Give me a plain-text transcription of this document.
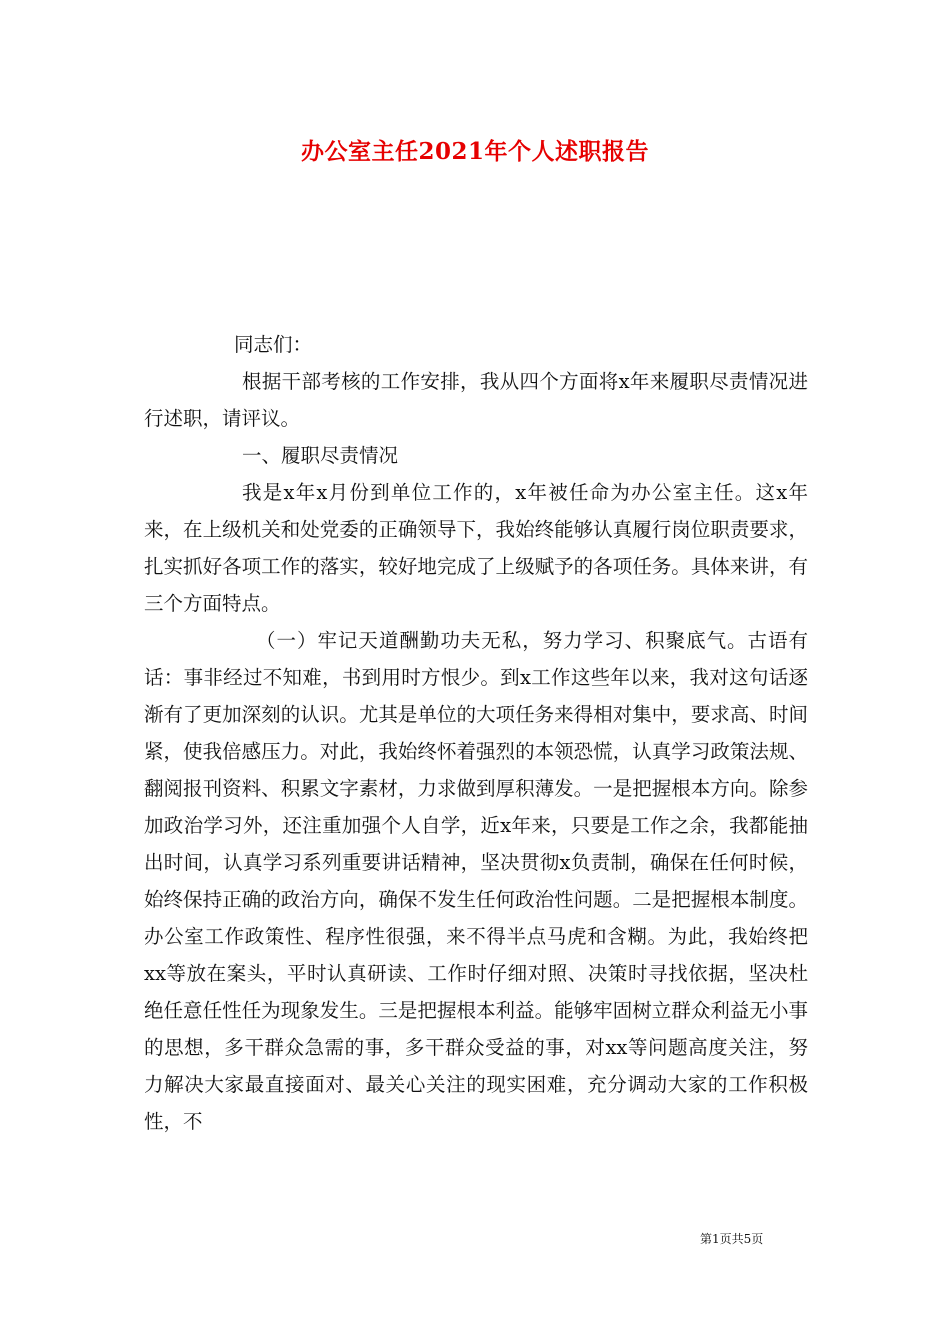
办公室主任2021年个人述职报告

同志们：

根据干部考核的工作安排，我从四个方面将x年来履职尽责情况进行述职，请评议。

一、履职尽责情况

我是x年x月份到单位工作的，x年被任命为办公室主任。这x年来，在上级机关和处党委的正确领导下，我始终能够认真履行岗位职责要求，扎实抓好各项工作的落实，较好地完成了上级赋予的各项任务。具体来讲，有三个方面特点。

（一）牢记天道酬勤功夫无私，努力学习、积聚底气。古语有话：事非经过不知难，书到用时方恨少。到x工作这些年以来，我对这句话逐渐有了更加深刻的认识。尤其是单位的大项任务来得相对集中，要求高、时间紧，使我倍感压力。对此，我始终怀着强烈的本领恐慌，认真学习政策法规、翻阅报刊资料、积累文字素材，力求做到厚积薄发。一是把握根本方向。除参加政治学习外，还注重加强个人自学，近x年来，只要是工作之余，我都能抽出时间，认真学习系列重要讲话精神，坚决贯彻x负责制，确保在任何时候，始终保持正确的政治方向，确保不发生任何政治性问题。二是把握根本制度。办公室工作政策性、程序性很强，来不得半点马虎和含糊。为此，我始终把xx等放在案头，平时认真研读、工作时仔细对照、决策时寻找依据，坚决杜绝任意任性任为现象发生。三是把握根本利益。能够牢固树立群众利益无小事的思想，多干群众急需的事，多干群众受益的事，对xx等问题高度关注，努力解决大家最直接面对、最关心关注的现实困难，充分调动大家的工作积极性，不

第1页共5页
